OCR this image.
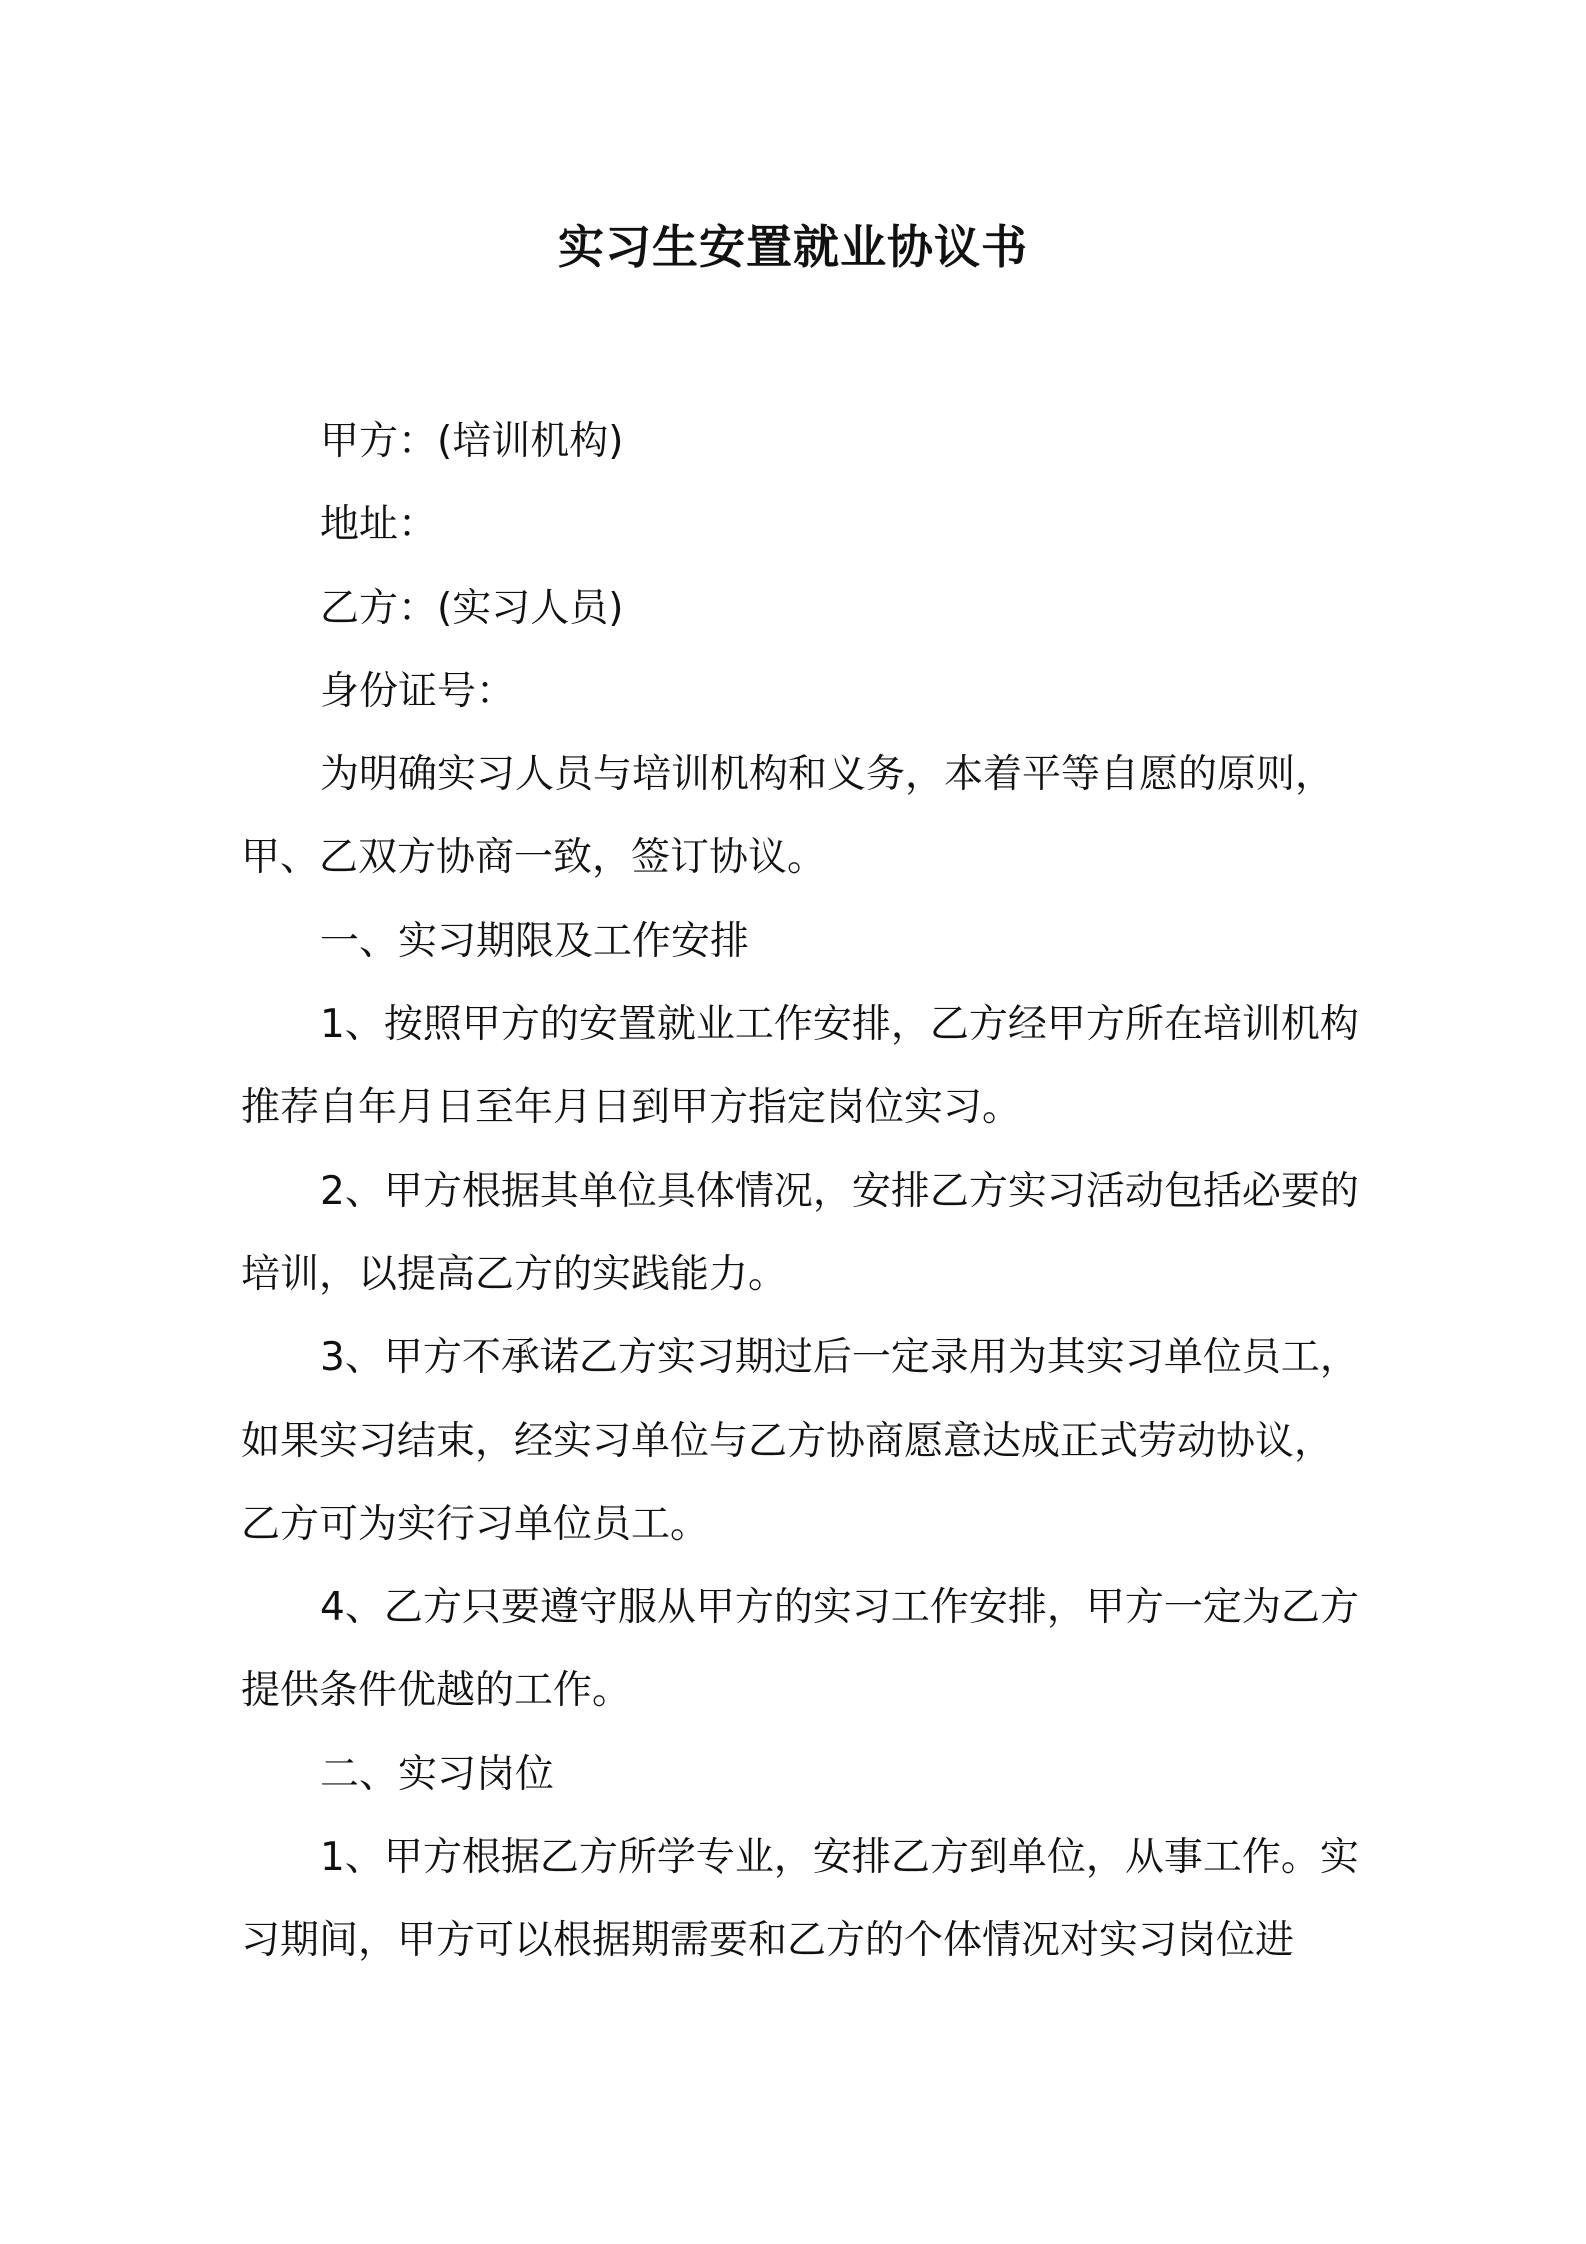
实习生安置就业协议书

甲方：(培训机构)

地址：

乙方：(实习人员)

身份证号：

为明确实习人员与培训机构和义务，本着平等自愿的原则，甲、乙双方协商一致，签订协议。

一、实习期限及工作安排

1、按照甲方的安置就业工作安排，乙方经甲方所在培训机构推荐自年月日至年月日到甲方指定岗位实习。

2、甲方根据其单位具体情况，安排乙方实习活动包括必要的培训，以提高乙方的实践能力。

3、甲方不承诺乙方实习期过后一定录用为其实习单位员工，如果实习结束，经实习单位与乙方协商愿意达成正式劳动协议，乙方可为实行习单位员工。

4、乙方只要遵守服从甲方的实习工作安排，甲方一定为乙方提供条件优越的工作。

二、实习岗位

1、甲方根据乙方所学专业，安排乙方到单位，从事工作。实习期间，甲方可以根据期需要和乙方的个体情况对实习岗位进
